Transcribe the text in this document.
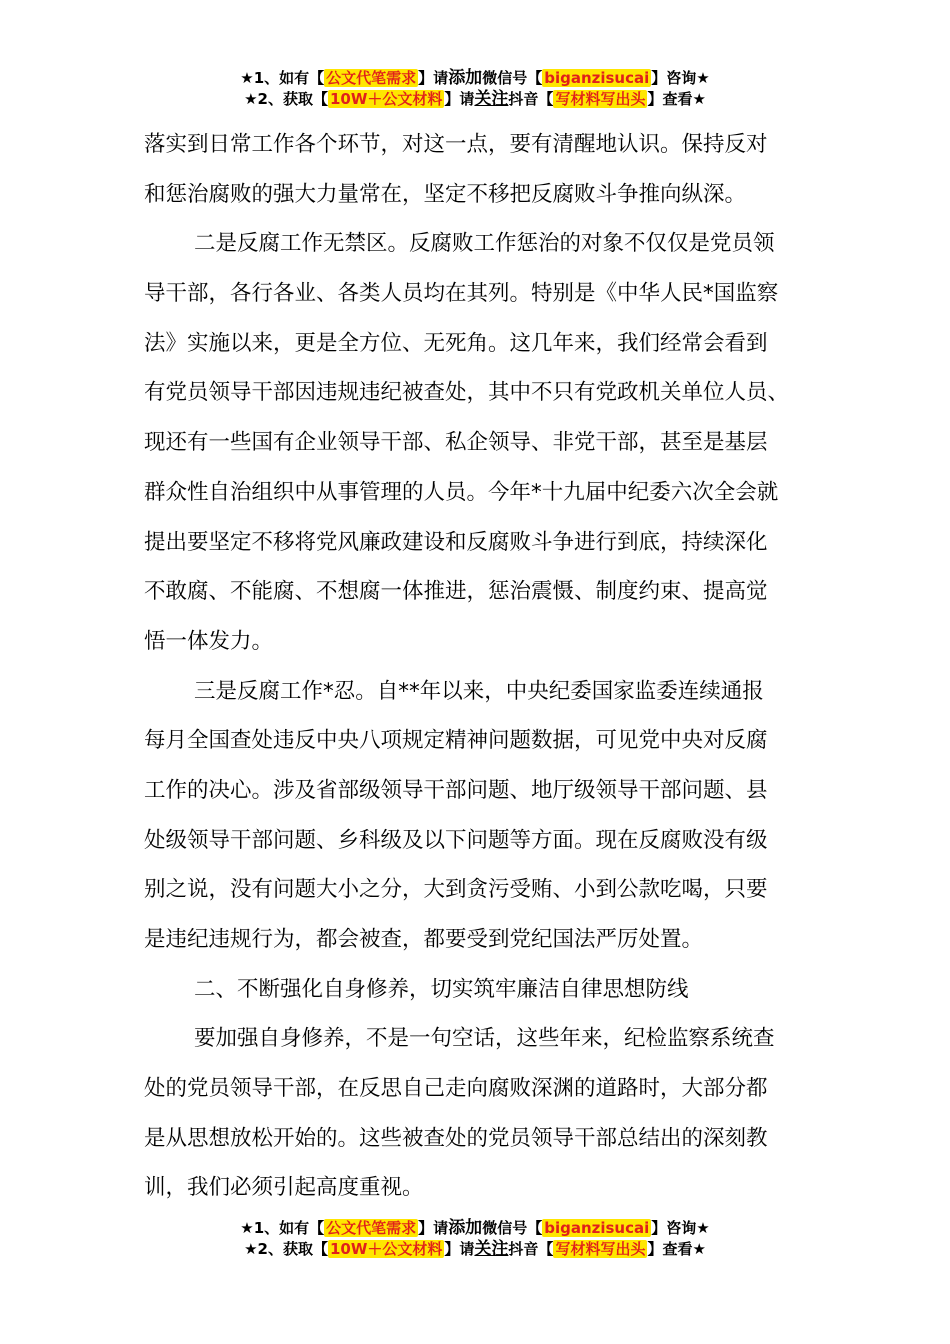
★1、如有【 公文代笔需求 】请添加微信号【 biganzisucai 】咨询★
★2、获取【 10W＋公文材料 】请关注抖音【 写材料写出头 】查看★
落实到日常工作各个环节，对这一点，要有清醒地认识。保持反对
和惩治腐败的强大力量常在，坚定不移把反腐败斗争推向纵深。
二是反腐工作无禁区。反腐败工作惩治的对象不仅仅是党员领
导干部，各行各业、各类人员均在其列。特别是《中华人民*国监察
法》实施以来，更是全方位、无死角。这几年来，我们经常会看到
有党员领导干部因违规违纪被查处，其中不只有党政机关单位人员、
现还有一些国有企业领导干部、私企领导、非党干部，甚至是基层
群众性自治组织中从事管理的人员。今年*十九届中纪委六次全会就
提出要坚定不移将党风廉政建设和反腐败斗争进行到底，持续深化
不敢腐、不能腐、不想腐一体推进，惩治震慑、制度约束、提高觉
悟一体发力。
三是反腐工作*忍。自**年以来，中央纪委国家监委连续通报
每月全国查处违反中央八项规定精神问题数据，可见党中央对反腐
工作的决心。涉及省部级领导干部问题、地厅级领导干部问题、县
处级领导干部问题、乡科级及以下问题等方面。现在反腐败没有级
别之说，没有问题大小之分，大到贪污受贿、小到公款吃喝，只要
是违纪违规行为，都会被查，都要受到党纪国法严厉处置。
二、不断强化自身修养，切实筑牢廉洁自律思想防线
要加强自身修养，不是一句空话，这些年来，纪检监察系统查
处的党员领导干部，在反思自己走向腐败深渊的道路时，大部分都
是从思想放松开始的。这些被查处的党员领导干部总结出的深刻教
训，我们必须引起高度重视。
★1、如有【 公文代笔需求 】请添加微信号【 biganzisucai 】咨询★
★2、获取【 10W＋公文材料 】请关注抖音【 写材料写出头 】查看★
